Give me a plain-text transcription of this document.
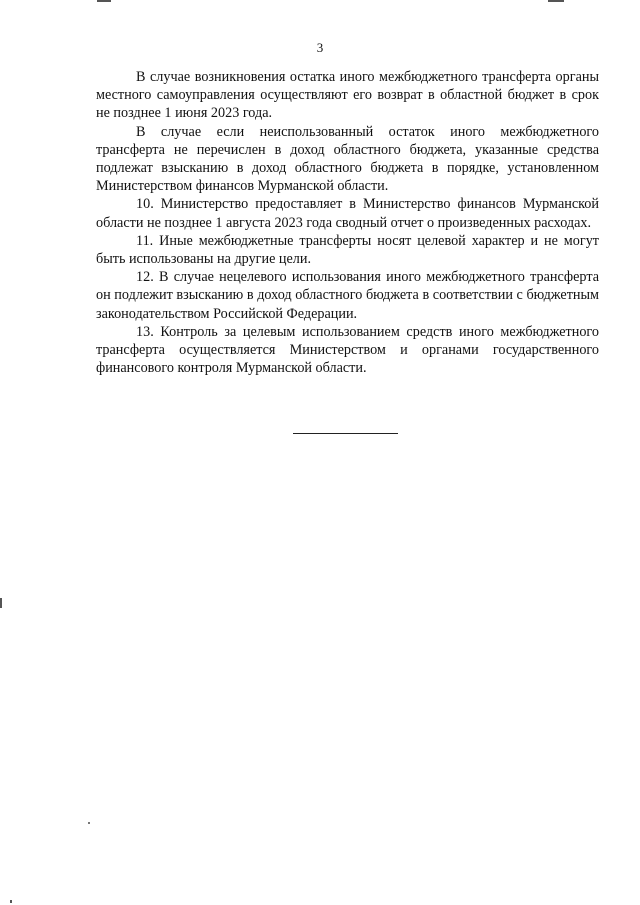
3

В случае возникновения остатка иного межбюджетного трансферта органы местного самоуправления осуществляют его возврат в областной бюджет в срок не позднее 1 июня 2023 года.

В случае если неиспользованный остаток иного межбюджетного трансферта не перечислен в доход областного бюджета, указанные средства подлежат взысканию в доход областного бюджета в порядке, установленном Министерством финансов Мурманской области.

10. Министерство предоставляет в Министерство финансов Мурманской области не позднее 1 августа 2023 года сводный отчет о произведенных расходах.

11. Иные межбюджетные трансферты носят целевой характер и не могут быть использованы на другие цели.

12. В случае нецелевого использования иного межбюджетного трансферта он подлежит взысканию в доход областного бюджета в соответствии с бюджетным законодательством Российской Федерации.

13. Контроль за целевым использованием средств иного межбюджетного трансферта осуществляется Министерством и органами государственного финансового контроля Мурманской области.
